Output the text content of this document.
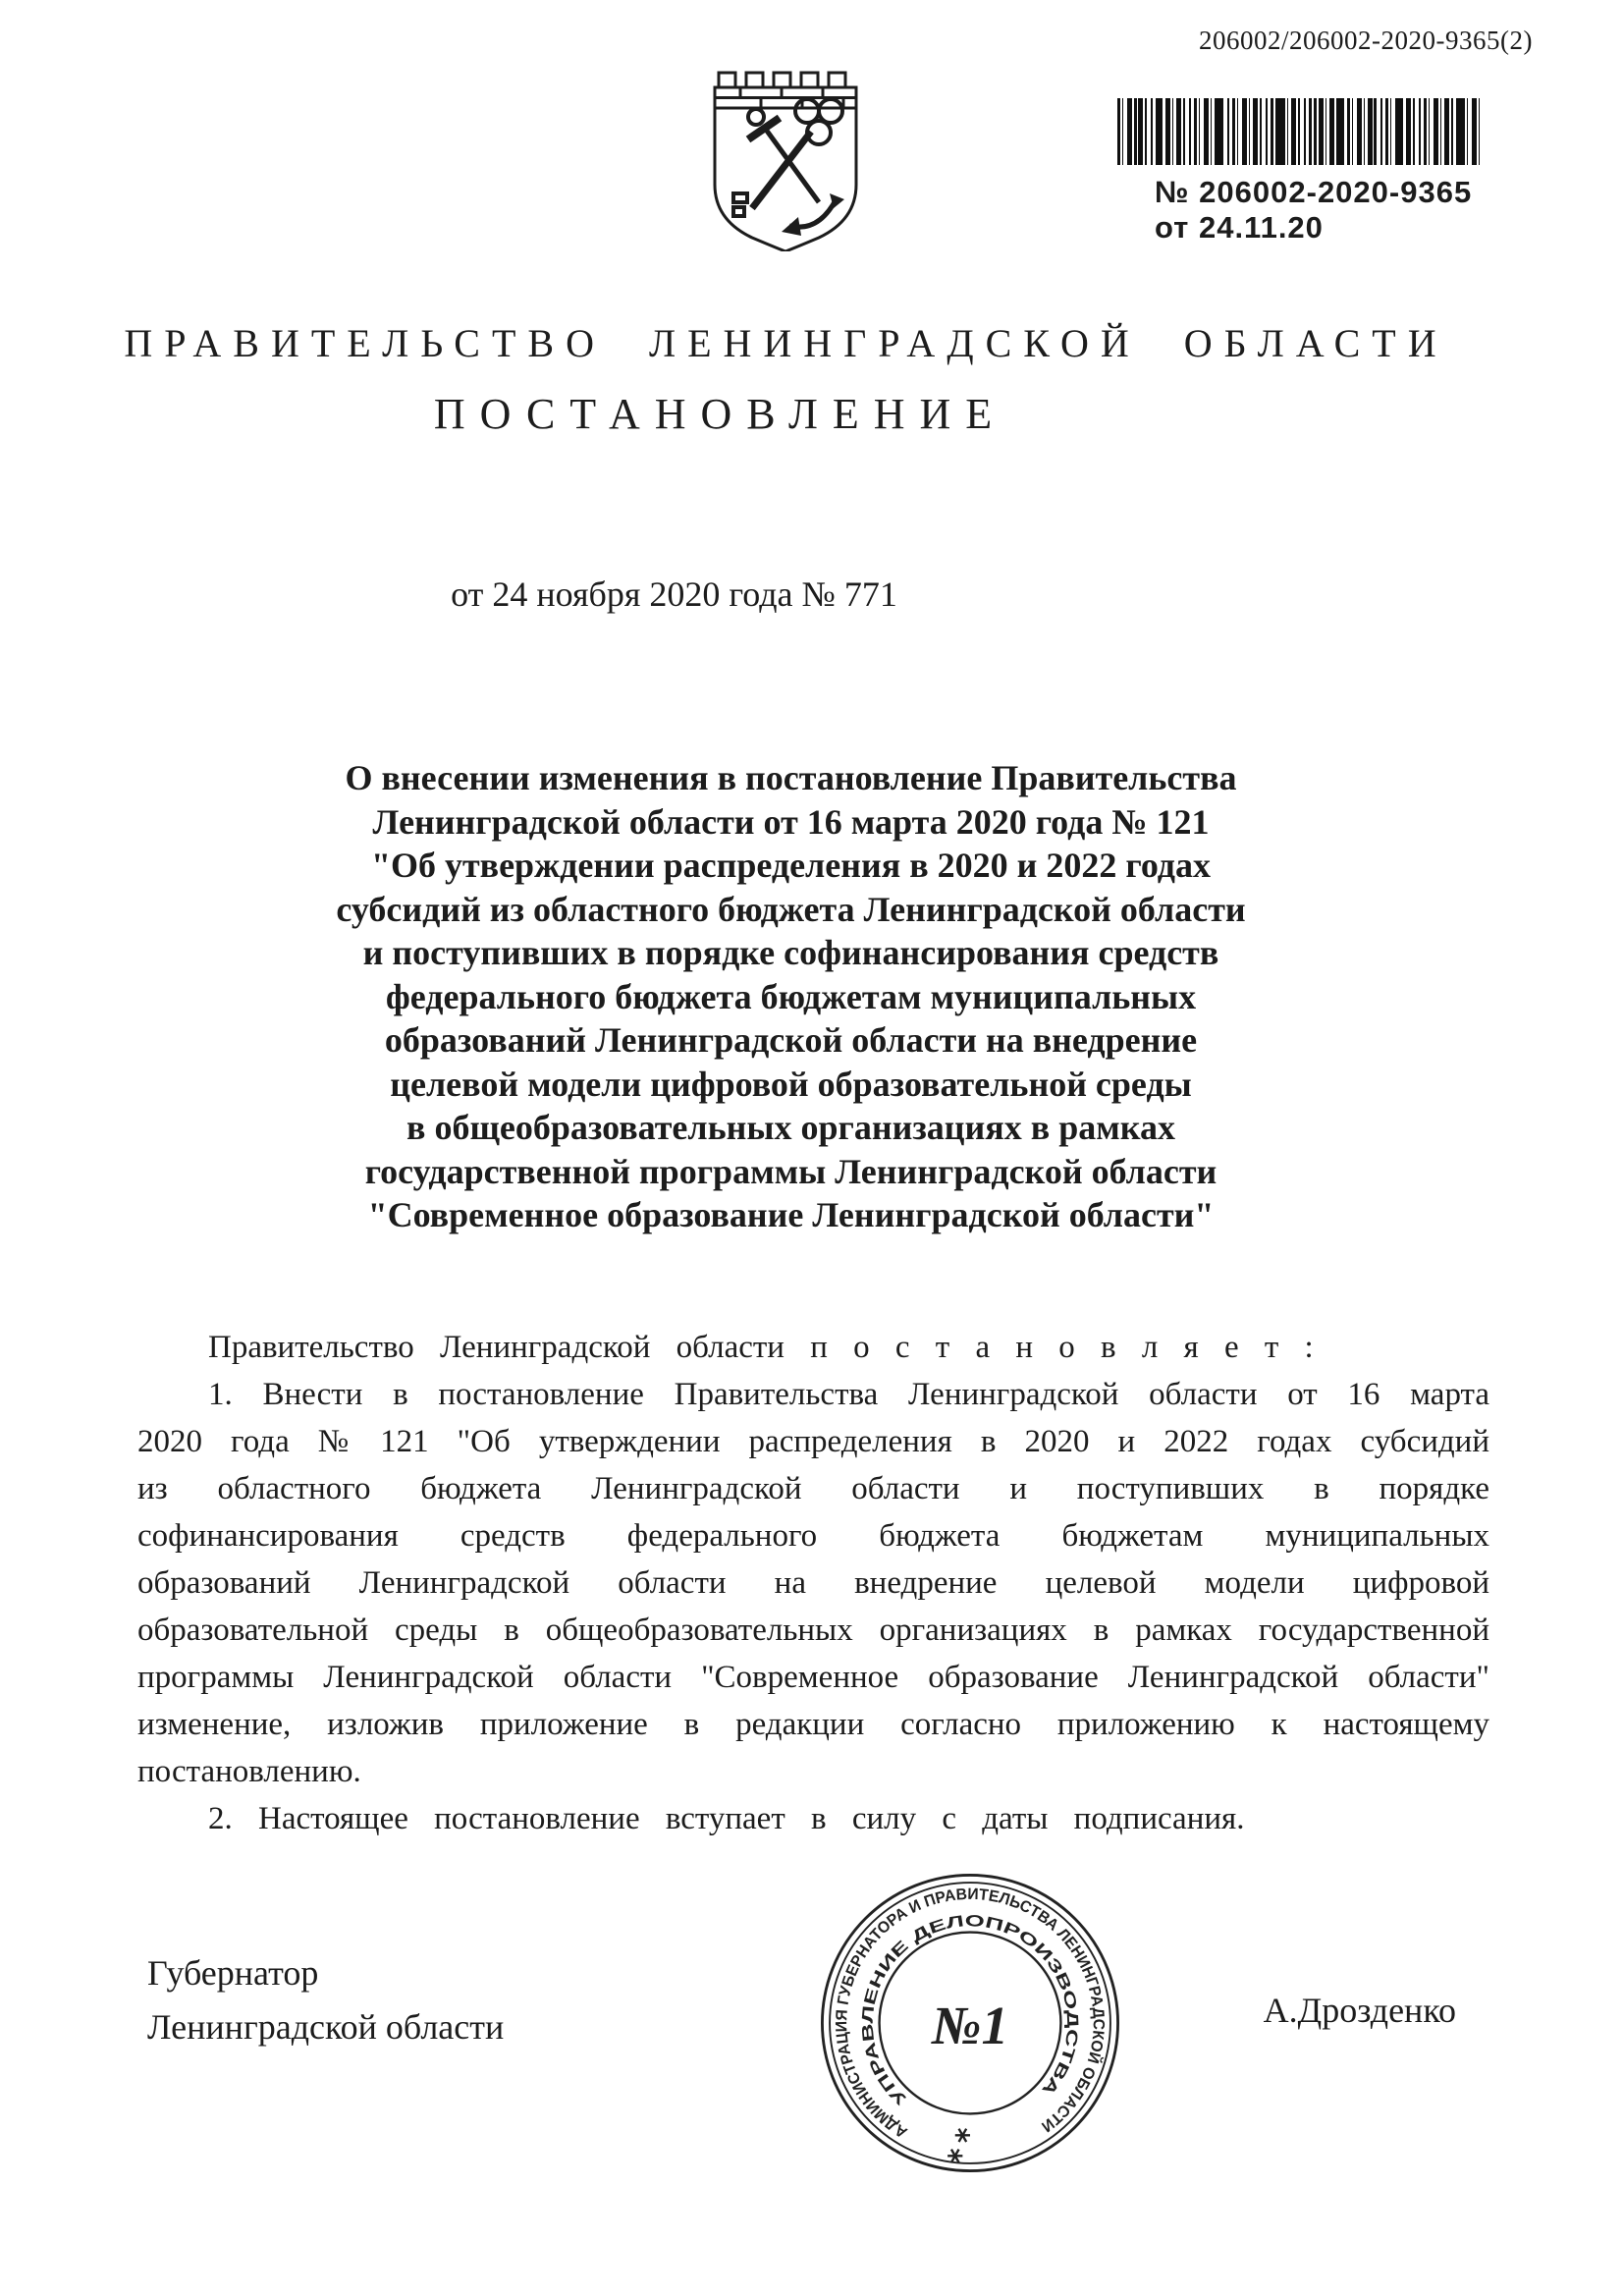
206002/206002-2020-9365(2)
№ 206002-2020-9365
от 24.11.20
ПРАВИТЕЛЬСТВО ЛЕНИНГРАДСКОЙ ОБЛАСТИ
ПОСТАНОВЛЕНИЕ
от 24 ноября 2020 года № 771
О внесении изменения в постановление Правительства
Ленинградской области от 16 марта 2020 года № 121
"Об утверждении распределения в 2020 и 2022 годах
субсидий из областного бюджета Ленинградской области
и поступивших в порядке софинансирования средств
федерального бюджета бюджетам муниципальных
образований Ленинградской области на внедрение
целевой модели цифровой образовательной среды
в общеобразовательных организациях в рамках
государственной программы Ленинградской области
"Современное образование Ленинградской области"

Правительство Ленинградской области п о с т а н о в л я е т :

1. Внести в постановление Правительства Ленинградской области от 16 марта 2020 года № 121 "Об утверждении распределения в 2020 и 2022 годах субсидий из областного бюджета Ленинградской области и поступивших в порядке софинансирования средств федерального бюджета бюджетам муниципальных образований Ленинградской области на внедрение целевой модели цифровой образовательной среды в общеобразовательных организациях в рамках государственной программы Ленинградской области "Современное образование Ленинградской области" изменение, изложив приложение в редакции согласно приложению к настоящему постановлению.

2. Настоящее постановление вступает в силу с даты подписания.

Губернатор
Ленинградской области	А.Дрозденко
АДМИНИСТРАЦИЯ ГУБЕРНАТОРА И ПРАВИТЕЛЬСТВА ЛЕНИНГРАДСКОЙ ОБЛАСТИ
УПРАВЛЕНИЕ ДЕЛОПРОИЗВОДСТВА
№1
